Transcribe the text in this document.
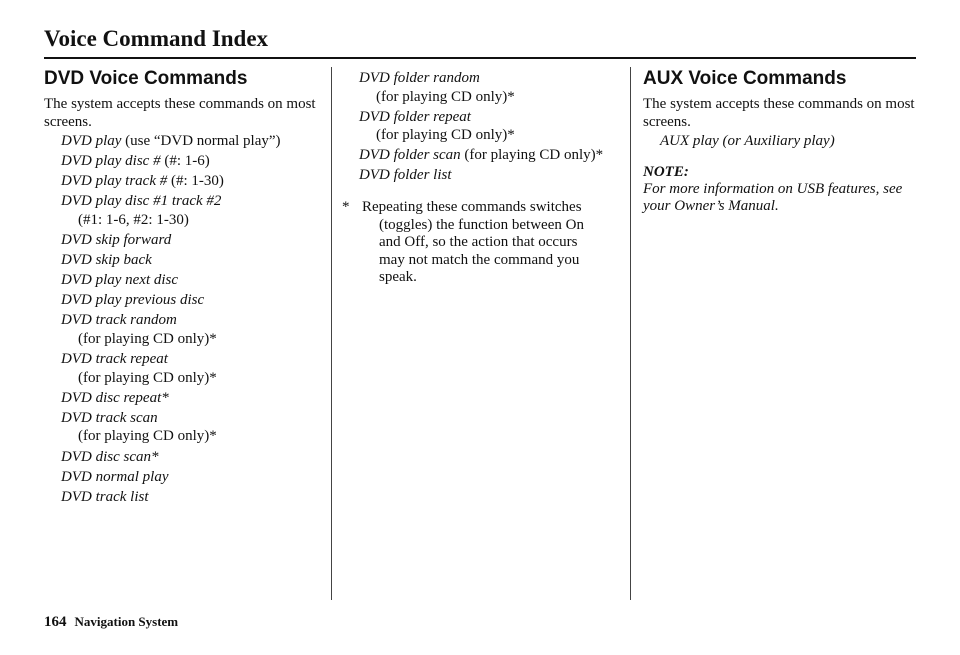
Voice Command Index
DVD Voice Commands

The system accepts these commands on most screens.

DVD play (use “DVD normal play”)
DVD play disc # (#: 1-6)
DVD play track # (#: 1-30)
DVD play disc #1 track #2
(#1: 1-6, #2: 1-30)
DVD skip forward
DVD skip back
DVD play next disc
DVD play previous disc
DVD track random
(for playing CD only)*
DVD track repeat
(for playing CD only)*
DVD disc repeat*
DVD track scan
(for playing CD only)*
DVD disc scan*
DVD normal play
DVD track list
DVD folder random
(for playing CD only)*
DVD folder repeat
(for playing CD only)*
DVD folder scan (for playing CD only)*
DVD folder list
* Repeating these commands switches
(toggles) the function between On
and Off, so the action that occurs
may not match the command you
speak.
AUX Voice Commands

The system accepts these commands on most screens.

AUX play (or Auxiliary play)

NOTE:

For more information on USB features, see your Owner’s Manual.

164 Navigation System
